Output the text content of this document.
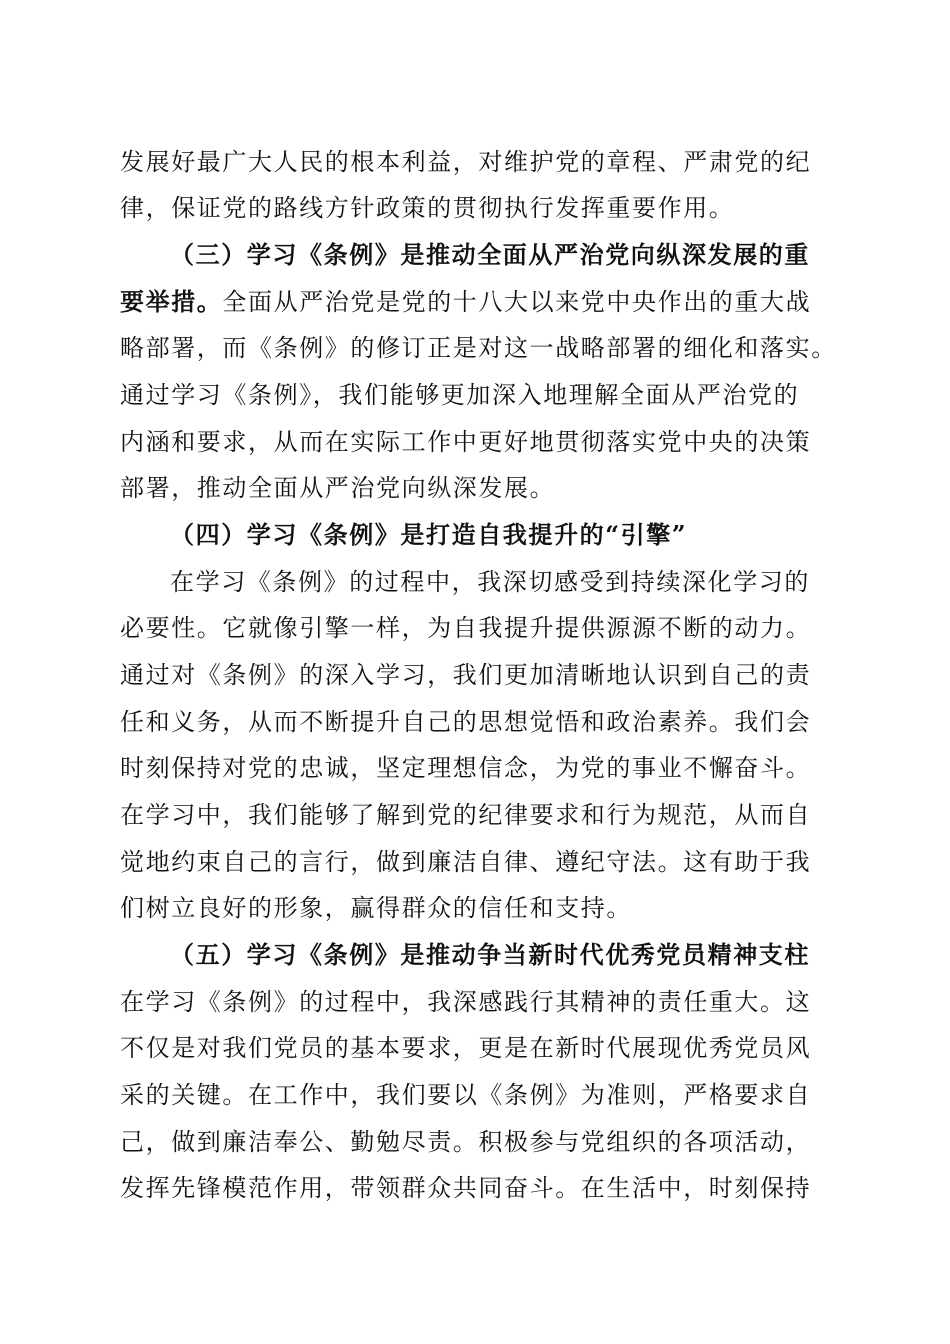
发展好最广大人民的根本利益，对维护党的章程、严肃党的纪
律，保证党的路线方针政策的贯彻执行发挥重要作用。
（三）学习《条例》是推动全面从严治党向纵深发展的重
要举措。全面从严治党是党的十八大以来党中央作出的重大战
略部署，而《条例》的修订正是对这一战略部署的细化和落实。
通过学习《条例》，我们能够更加深入地理解全面从严治党的
内涵和要求，从而在实际工作中更好地贯彻落实党中央的决策
部署，推动全面从严治党向纵深发展。
（四）学习《条例》是打造自我提升的“引擎”
在学习《条例》的过程中，我深切感受到持续深化学习的
必要性。它就像引擎一样，为自我提升提供源源不断的动力。
通过对《条例》的深入学习，我们更加清晰地认识到自己的责
任和义务，从而不断提升自己的思想觉悟和政治素养。我们会
时刻保持对党的忠诚，坚定理想信念，为党的事业不懈奋斗。
在学习中，我们能够了解到党的纪律要求和行为规范，从而自
觉地约束自己的言行，做到廉洁自律、遵纪守法。这有助于我
们树立良好的形象，赢得群众的信任和支持。
（五）学习《条例》是推动争当新时代优秀党员精神支柱
在学习《条例》的过程中，我深感践行其精神的责任重大。这
不仅是对我们党员的基本要求，更是在新时代展现优秀党员风
采的关键。在工作中，我们要以《条例》为准则，严格要求自
己，做到廉洁奉公、勤勉尽责。积极参与党组织的各项活动，
发挥先锋模范作用，带领群众共同奋斗。在生活中，时刻保持
